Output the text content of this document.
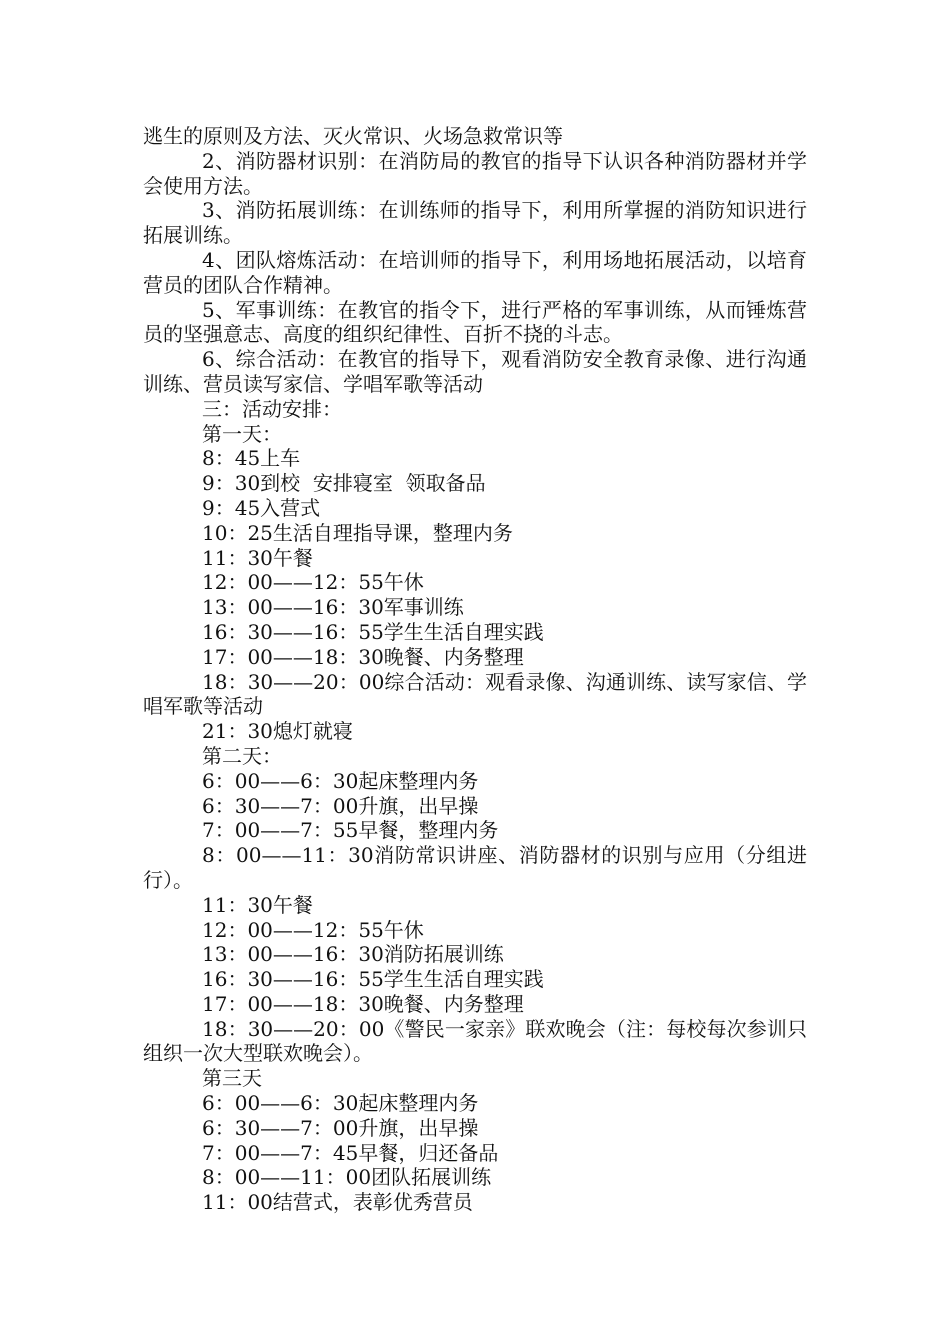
逃生的原则及方法、灭火常识、火场急救常识等

2、消防器材识别：在消防局的教官的指导下认识各种消防器材并学会使用方法。

3、消防拓展训练：在训练师的指导下，利用所掌握的消防知识进行拓展训练。

4、团队熔炼活动：在培训师的指导下，利用场地拓展活动，以培育营员的团队合作精神。

5、军事训练：在教官的指令下，进行严格的军事训练，从而锤炼营员的坚强意志、高度的组织纪律性、百折不挠的斗志。

6、综合活动：在教官的指导下，观看消防安全教育录像、进行沟通训练、营员读写家信、学唱军歌等活动

三：活动安排：

第一天：

8：45上车

9：30到校  安排寝室  领取备品

9：45入营式

10：25生活自理指导课，整理内务

11：30午餐

12：00——12：55午休

13：00——16：30军事训练

16：30——16：55学生生活自理实践

17：00——18：30晚餐、内务整理

18：30——20：00综合活动：观看录像、沟通训练、读写家信、学唱军歌等活动

21：30熄灯就寝

第二天：

6：00——6：30起床整理内务

6：30——7：00升旗，出早操

7：00——7：55早餐，整理内务

8：00——11：30消防常识讲座、消防器材的识别与应用（分组进行）。

11：30午餐

12：00——12：55午休

13：00——16：30消防拓展训练

16：30——16：55学生生活自理实践

17：00——18：30晚餐、内务整理

18：30——20：00《警民一家亲》联欢晚会（注：每校每次参训只组织一次大型联欢晚会）。

第三天

6：00——6：30起床整理内务

6：30——7：00升旗，出早操

7：00——7：45早餐，归还备品

8：00——11：00团队拓展训练

11：00结营式，表彰优秀营员
